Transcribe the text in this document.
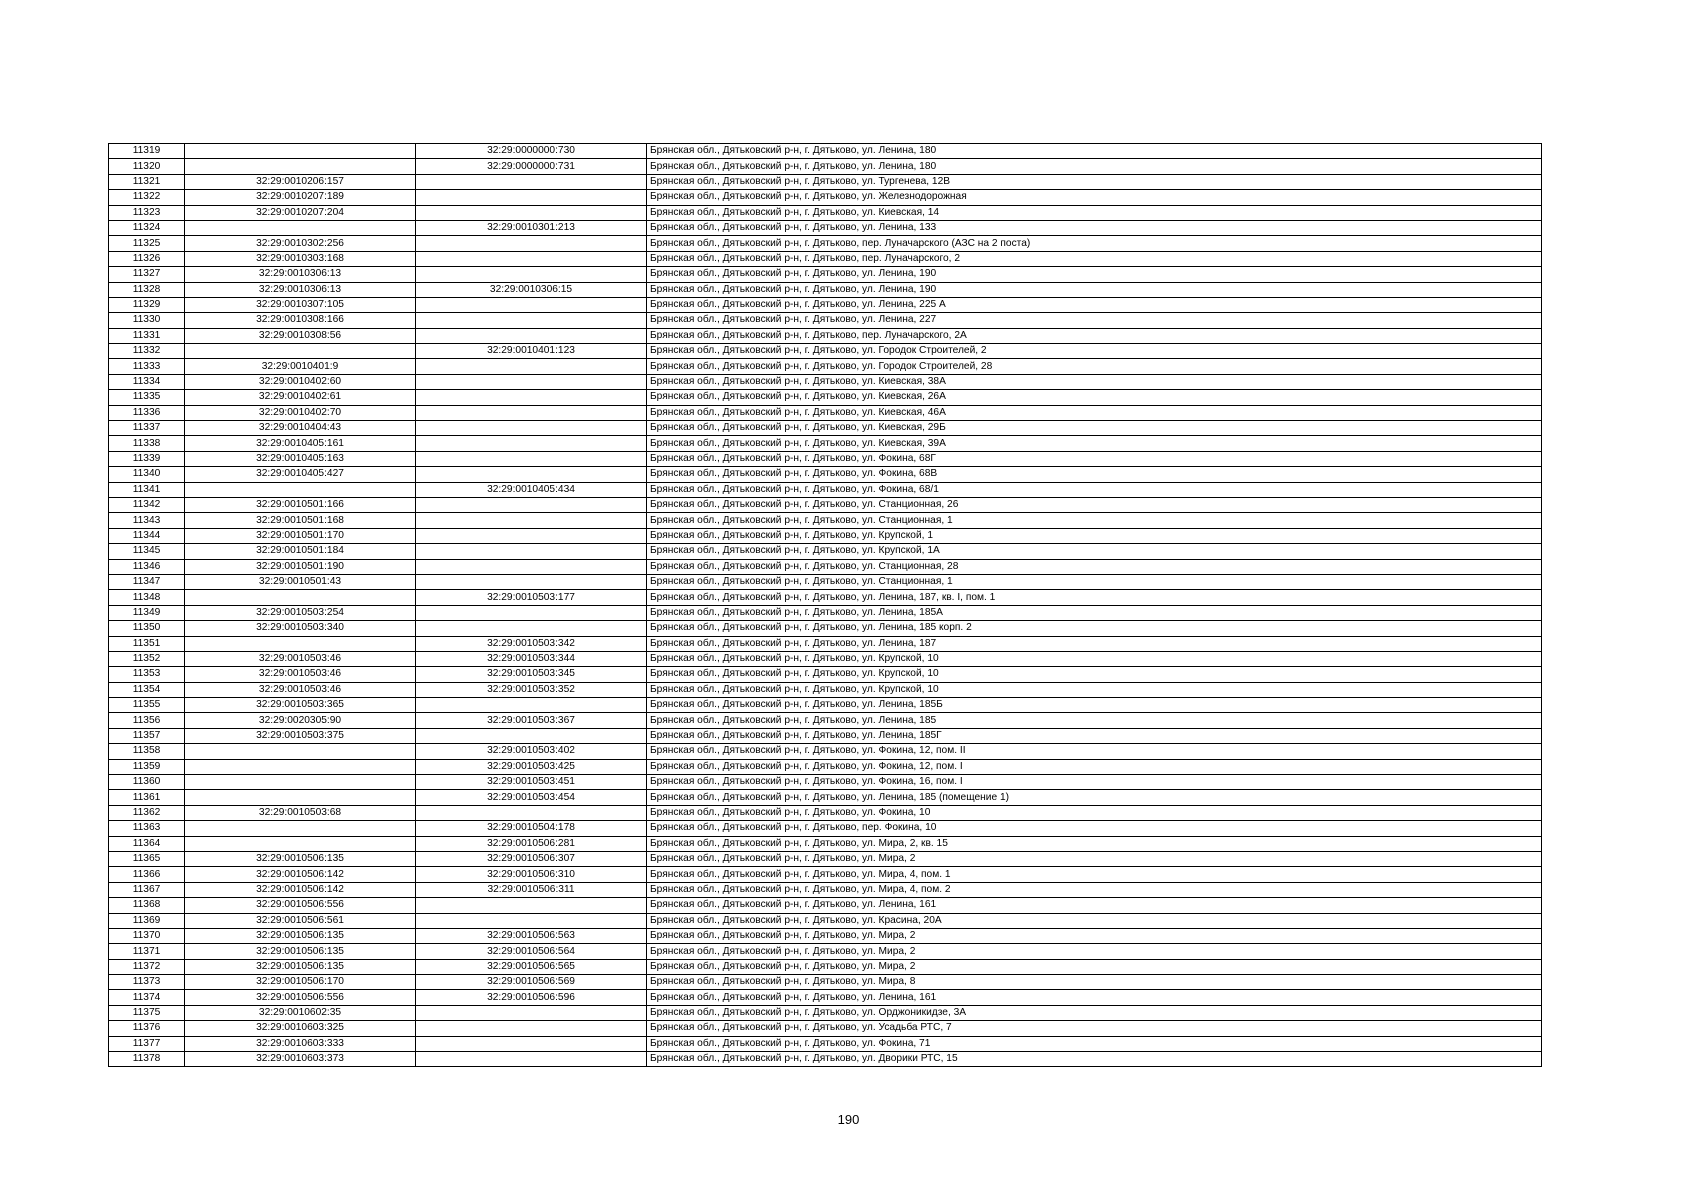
11319		32:29:0000000:730	Брянская обл., Дятьковский р-н, г. Дятьково, ул. Ленина, 180
11320		32:29:0000000:731	Брянская обл., Дятьковский р-н, г. Дятьково, ул. Ленина, 180
11321	32:29:0010206:157		Брянская обл., Дятьковский р-н, г. Дятьково, ул. Тургенева, 12В
11322	32:29:0010207:189		Брянская обл., Дятьковский р-н, г. Дятьково, ул. Железнодорожная
11323	32:29:0010207:204		Брянская обл., Дятьковский р-н, г. Дятьково, ул. Киевская, 14
11324		32:29:0010301:213	Брянская обл., Дятьковский р-н, г. Дятьково, ул. Ленина, 133
11325	32:29:0010302:256		Брянская обл., Дятьковский р-н, г. Дятьково, пер. Луначарского (АЗС на 2 поста)
11326	32:29:0010303:168		Брянская обл., Дятьковский р-н, г. Дятьково, пер. Луначарского, 2
11327	32:29:0010306:13		Брянская обл., Дятьковский р-н, г. Дятьково, ул. Ленина, 190
11328	32:29:0010306:13	32:29:0010306:15	Брянская обл., Дятьковский р-н, г. Дятьково, ул. Ленина, 190
11329	32:29:0010307:105		Брянская обл., Дятьковский р-н, г. Дятьково, ул. Ленина, 225 А
11330	32:29:0010308:166		Брянская обл., Дятьковский р-н, г. Дятьково, ул. Ленина, 227
11331	32:29:0010308:56		Брянская обл., Дятьковский р-н, г. Дятьково, пер. Луначарского, 2А
11332		32:29:0010401:123	Брянская обл., Дятьковский р-н, г. Дятьково, ул. Городок Строителей, 2
11333	32:29:0010401:9		Брянская обл., Дятьковский р-н, г. Дятьково, ул. Городок Строителей, 28
11334	32:29:0010402:60		Брянская обл., Дятьковский р-н, г. Дятьково, ул. Киевская, 38А
11335	32:29:0010402:61		Брянская обл., Дятьковский р-н, г. Дятьково, ул. Киевская, 26А
11336	32:29:0010402:70		Брянская обл., Дятьковский р-н, г. Дятьково, ул. Киевская, 46А
11337	32:29:0010404:43		Брянская обл., Дятьковский р-н, г. Дятьково, ул. Киевская, 29Б
11338	32:29:0010405:161		Брянская обл., Дятьковский р-н, г. Дятьково, ул. Киевская, 39А
11339	32:29:0010405:163		Брянская обл., Дятьковский р-н, г. Дятьково, ул. Фокина, 68Г
11340	32:29:0010405:427		Брянская обл., Дятьковский р-н, г. Дятьково, ул. Фокина, 68В
11341		32:29:0010405:434	Брянская обл., Дятьковский р-н, г. Дятьково, ул. Фокина, 68/1
11342	32:29:0010501:166		Брянская обл., Дятьковский р-н, г. Дятьково, ул. Станционная, 26
11343	32:29:0010501:168		Брянская обл., Дятьковский р-н, г. Дятьково, ул. Станционная, 1
11344	32:29:0010501:170		Брянская обл., Дятьковский р-н, г. Дятьково, ул. Крупской, 1
11345	32:29:0010501:184		Брянская обл., Дятьковский р-н, г. Дятьково, ул. Крупской, 1А
11346	32:29:0010501:190		Брянская обл., Дятьковский р-н, г. Дятьково, ул. Станционная, 28
11347	32:29:0010501:43		Брянская обл., Дятьковский р-н, г. Дятьково, ул. Станционная, 1
11348		32:29:0010503:177	Брянская обл., Дятьковский р-н, г. Дятьково, ул. Ленина, 187, кв. I, пом. 1
11349	32:29:0010503:254		Брянская обл., Дятьковский р-н, г. Дятьково, ул. Ленина, 185А
11350	32:29:0010503:340		Брянская обл., Дятьковский р-н, г. Дятьково, ул. Ленина, 185 корп. 2
11351		32:29:0010503:342	Брянская обл., Дятьковский р-н, г. Дятьково, ул. Ленина, 187
11352	32:29:0010503:46	32:29:0010503:344	Брянская обл., Дятьковский р-н, г. Дятьково, ул. Крупской, 10
11353	32:29:0010503:46	32:29:0010503:345	Брянская обл., Дятьковский р-н, г. Дятьково, ул. Крупской, 10
11354	32:29:0010503:46	32:29:0010503:352	Брянская обл., Дятьковский р-н, г. Дятьково, ул. Крупской, 10
11355	32:29:0010503:365		Брянская обл., Дятьковский р-н, г. Дятьково, ул. Ленина, 185Б
11356	32:29:0020305:90	32:29:0010503:367	Брянская обл., Дятьковский р-н, г. Дятьково, ул. Ленина, 185
11357	32:29:0010503:375		Брянская обл., Дятьковский р-н, г. Дятьково, ул. Ленина, 185Г
11358		32:29:0010503:402	Брянская обл., Дятьковский р-н, г. Дятьково, ул. Фокина, 12, пом. II
11359		32:29:0010503:425	Брянская обл., Дятьковский р-н, г. Дятьково, ул. Фокина, 12, пом. I
11360		32:29:0010503:451	Брянская обл., Дятьковский р-н, г. Дятьково, ул. Фокина, 16, пом. I
11361		32:29:0010503:454	Брянская обл., Дятьковский р-н, г. Дятьково, ул. Ленина, 185 (помещение 1)
11362	32:29:0010503:68		Брянская обл., Дятьковский р-н, г. Дятьково, ул. Фокина, 10
11363		32:29:0010504:178	Брянская обл., Дятьковский р-н, г. Дятьково, пер. Фокина, 10
11364		32:29:0010506:281	Брянская обл., Дятьковский р-н, г. Дятьково, ул. Мира, 2, кв. 15
11365	32:29:0010506:135	32:29:0010506:307	Брянская обл., Дятьковский р-н, г. Дятьково, ул. Мира, 2
11366	32:29:0010506:142	32:29:0010506:310	Брянская обл., Дятьковский р-н, г. Дятьково, ул. Мира, 4, пом. 1
11367	32:29:0010506:142	32:29:0010506:311	Брянская обл., Дятьковский р-н, г. Дятьково, ул. Мира, 4, пом. 2
11368	32:29:0010506:556		Брянская обл., Дятьковский р-н, г. Дятьково, ул. Ленина, 161
11369	32:29:0010506:561		Брянская обл., Дятьковский р-н, г. Дятьково, ул. Красина, 20А
11370	32:29:0010506:135	32:29:0010506:563	Брянская обл., Дятьковский р-н, г. Дятьково, ул. Мира, 2
11371	32:29:0010506:135	32:29:0010506:564	Брянская обл., Дятьковский р-н, г. Дятьково, ул. Мира, 2
11372	32:29:0010506:135	32:29:0010506:565	Брянская обл., Дятьковский р-н, г. Дятьково, ул. Мира, 2
11373	32:29:0010506:170	32:29:0010506:569	Брянская обл., Дятьковский р-н, г. Дятьково, ул. Мира, 8
11374	32:29:0010506:556	32:29:0010506:596	Брянская обл., Дятьковский р-н, г. Дятьково, ул. Ленина, 161
11375	32:29:0010602:35		Брянская обл., Дятьковский р-н, г. Дятьково, ул. Орджоникидзе, 3А
11376	32:29:0010603:325		Брянская обл., Дятьковский р-н, г. Дятьково, ул. Усадьба РТС, 7
11377	32:29:0010603:333		Брянская обл., Дятьковский р-н, г. Дятьково, ул. Фокина, 71
11378	32:29:0010603:373		Брянская обл., Дятьковский р-н, г. Дятьково, ул. Дворики РТС, 15
190
